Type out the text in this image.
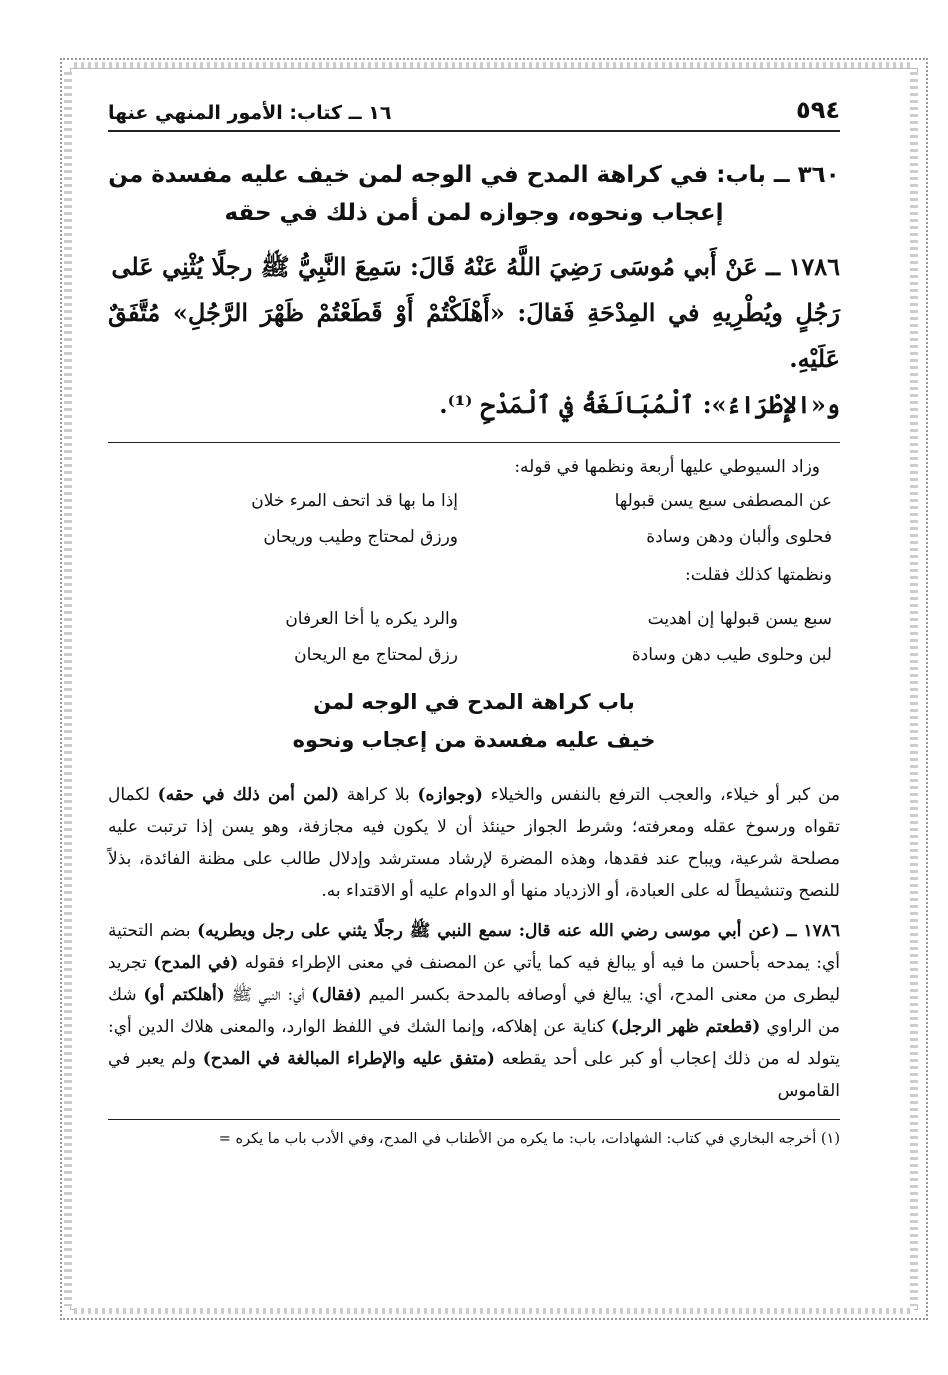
٥٩٤
١٦ ــ كتاب: الأمور المنهي عنها
٣٦٠ ــ باب: في كراهة المدح في الوجه لمن خيف عليه مفسدة من
إعجاب ونحوه، وجوازه لمن أمن ذلك في حقه
١٧٨٦ ــ عَنْ أَبي مُوسَى رَضِيَ اللَّهُ عَنْهُ قَالَ: سَمِعَ النَّبِيُّ ﷺ رجلًا يُثْنِي عَلى
رَجُلٍ ويُطْرِيهِ في المِدْحَةِ فَقالَ: «أَهْلَكْتُمْ أَوْ قَطَعْتُمْ ظَهْرَ الرَّجُلِ» مُتَّفَقٌ عَلَيْهِ.
و«الإِطْرَاءُ»: ٱلْمُبَالَغَةُ في ٱلْمَدْحِ ⁽¹⁾.
وزاد السيوطي عليها أربعة ونظمها في قوله:
عن المصطفى سبع يسن قبولها
إذا ما بها قد اتحف المرء خلان
فحلوى وألبان ودهن وسادة
ورزق لمحتاج وطيب وريحان
ونظمتها كذلك فقلت:
سبع يسن قبولها إن اهديت
والرد يكره يا أخا العرفان
لبن وحلوى طيب دهن وسادة
رزق لمحتاج مع الريحان
باب كراهة المدح في الوجه لمن
خيف عليه مفسدة من إعجاب ونحوه
من كبر أو خيلاء، والعجب الترفع بالنفس والخيلاء (وجوازه) بلا كراهة (لمن أمن ذلك في حقه) لكمال تقواه ورسوخ عقله ومعرفته؛ وشرط الجواز حينئذ أن لا يكون فيه مجازفة، وهو يسن إذا ترتبت عليه مصلحة شرعية، ويباح عند فقدها، وهذه المضرة لإرشاد مسترشد وإدلال طالب على مظنة الفائدة، بذلاً للنصح وتنشيطاً له على العبادة، أو الازدياد منها أو الدوام عليه أو الاقتداء به.
١٧٨٦ ــ (عن أبي موسى رضي الله عنه قال: سمع النبي ﷺ رجلًا يثني على رجل ويطريه) بضم التحتية أي: يمدحه بأحسن ما فيه أو يبالغ فيه كما يأتي عن المصنف في معنى الإطراء فقوله (في المدح) تجريد ليطرى من معنى المدح، أي: يبالغ في أوصافه بالمدحة بكسر الميم (فقال) أي: النبي ﷺ (أهلكتم أو) شك من الراوي (قطعتم ظهر الرجل) كناية عن إهلاكه، وإنما الشك في اللفظ الوارد، والمعنى هلاك الدين أي: يتولد له من ذلك إعجاب أو كبر على أحد يقطعه (متفق عليه والإطراء المبالغة في المدح) ولم يعبر في القاموس
(١) أخرجه البخاري في كتاب: الشهادات، باب: ما يكره من الأطناب في المدح، وفي الأدب باب ما يكره =
